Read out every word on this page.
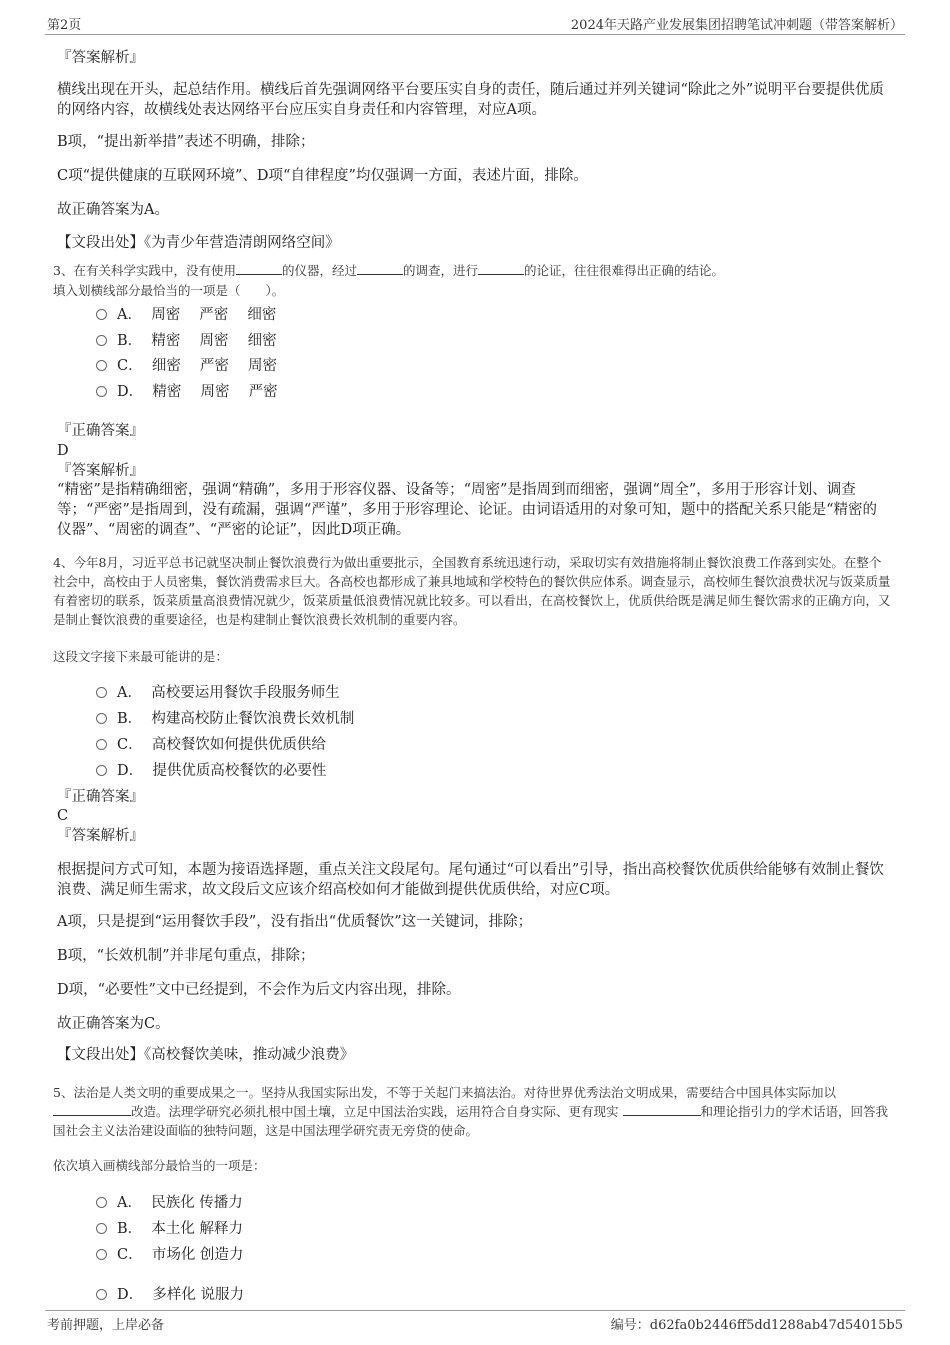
第2页	2024年天路产业发展集团招聘笔试冲刺题（带答案解析）
『答案解析』
横线出现在开头，起总结作用。横线后首先强调网络平台要压实自身的责任，随后通过并列关键词“除此之外”说明平台要提供优质的网络内容，故横线处表达网络平台应压实自身责任和内容管理，对应A项。
B项，“提出新举措”表述不明确，排除；
C项“提供健康的互联网环境”、D项“自律程度”均仅强调一方面，表述片面，排除。
故正确答案为A。
【文段出处】《为青少年营造清朗网络空间》
3、在有关科学实践中，没有使用	的仪器，经过	的调查，进行	的论证，往往很难得出正确的结论。
填入划横线部分最恰当的一项是（　　）。
A． 周密　 严密　 细密
B． 精密　 周密　 细密
C． 细密　 严密　 周密
D． 精密　 周密　 严密
『正确答案』
D
『答案解析』
“精密”是指精确细密，强调“精确”，多用于形容仪器、设备等；“周密”是指周到而细密，强调“周全”，多用于形容计划、调查等；“严密”是指周到，没有疏漏，强调“严谨”，多用于形容理论、论证。由词语适用的对象可知，题中的搭配关系只能是“精密的仪器”、“周密的调查”、“严密的论证”，因此D项正确。
4、今年8月，习近平总书记就坚决制止餐饮浪费行为做出重要批示，全国教育系统迅速行动，采取切实有效措施将制止餐饮浪费工作落到实处。在整个社会中，高校由于人员密集，餐饮消费需求巨大。各高校也都形成了兼具地域和学校特色的餐饮供应体系。调查显示，高校师生餐饮浪费状况与饭菜质量有着密切的联系，饭菜质量高浪费情况就少，饭菜质量低浪费情况就比较多。可以看出，在高校餐饮上，优质供给既是满足师生餐饮需求的正确方向，又是制止餐饮浪费的重要途径，也是构建制止餐饮浪费长效机制的重要内容。
这段文字接下来最可能讲的是：
A． 高校要运用餐饮手段服务师生
B． 构建高校防止餐饮浪费长效机制
C． 高校餐饮如何提供优质供给
D． 提供优质高校餐饮的必要性
『正确答案』
C
『答案解析』
根据提问方式可知，本题为接语选择题，重点关注文段尾句。尾句通过“可以看出”引导，指出高校餐饮优质供给能够有效制止餐饮浪费、满足师生需求，故文段后文应该介绍高校如何才能做到提供优质供给，对应C项。
A项，只是提到“运用餐饮手段”，没有指出“优质餐饮”这一关键词，排除；
B项，“长效机制”并非尾句重点，排除；
D项，“必要性”文中已经提到，不会作为后文内容出现，排除。
故正确答案为C。
【文段出处】《高校餐饮美味，推动减少浪费》
5、法治是人类文明的重要成果之一。坚持从我国实际出发，不等于关起门来搞法治。对待世界优秀法治文明成果，需要结合中国具体实际加以改造。法理学研究必须扎根中国土壤，立足中国法治实践，运用符合自身实际、更有现实	和理论指引力的学术话语，回答我国社会主义法治建设面临的独特问题，这是中国法理学研究责无旁贷的使命。
依次填入画横线部分最恰当的一项是：
A． 民族化 传播力
B． 本土化 解释力
C． 市场化 创造力
D． 多样化 说服力
考前押题，上岸必备	编号：d62fa0b2446ff5dd1288ab47d54015b5
